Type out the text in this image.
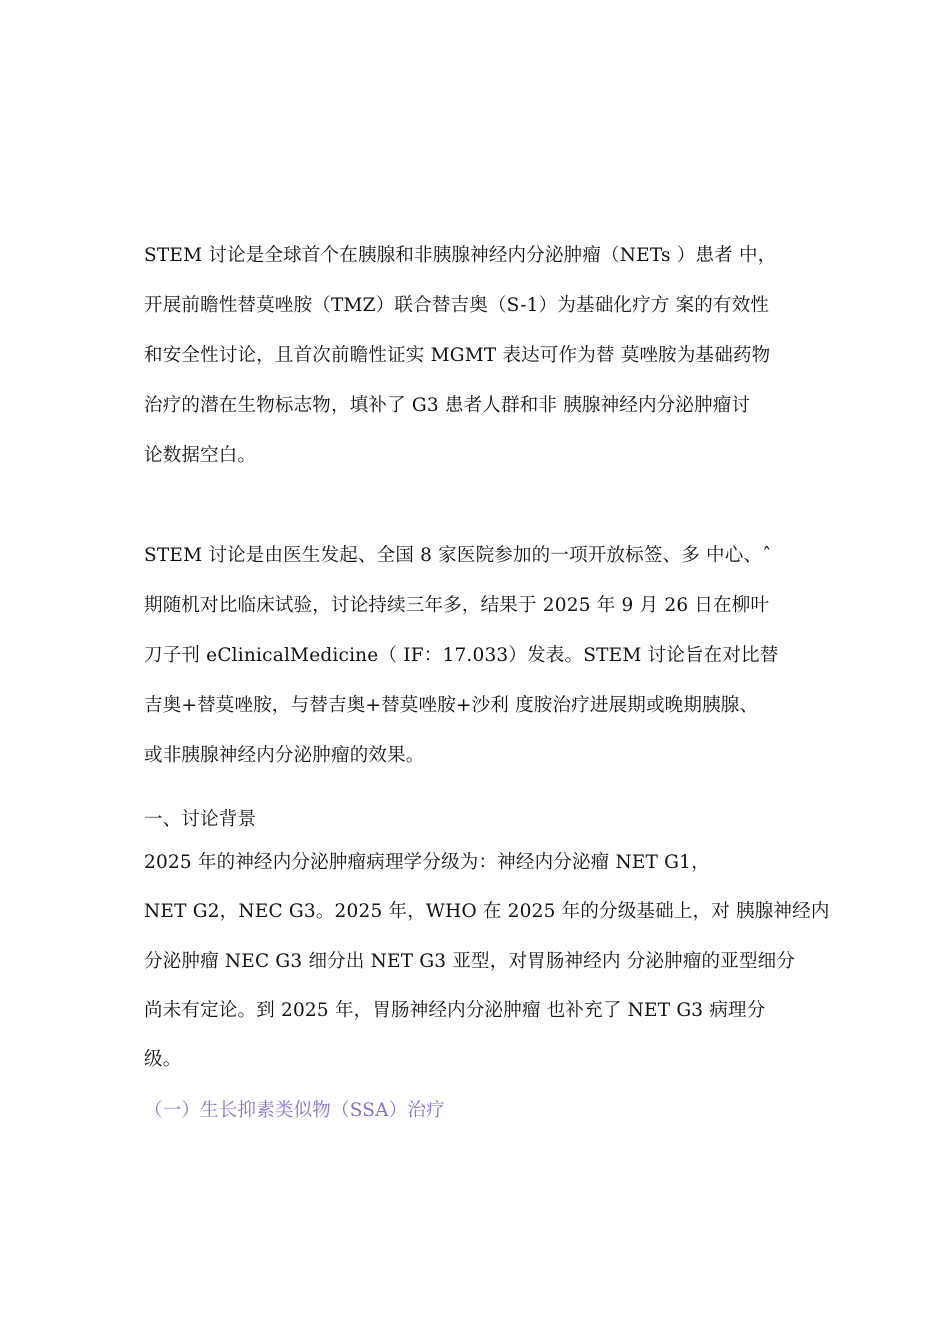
STEM 讨论是全球首个在胰腺和非胰腺神经内分泌肿瘤（NETs ）患者 中，
开展前瞻性替莫唑胺（TMZ）联合替吉奥（S-1）为基础化疗方 案的有效性
和安全性讨论，且首次前瞻性证实 MGMT 表达可作为替 莫唑胺为基础药物
治疗的潜在生物标志物，填补了 G3 患者人群和非 胰腺神经内分泌肿瘤讨
论数据空白。
STEM 讨论是由医生发起、全国 8 家医院参加的一项开放标签、多 中心、ˆ
期随机对比临床试验，讨论持续三年多，结果于 2025 年 9 月 26 日在柳叶
刀子刊 eClinicalMedicine（ IF：17.033）发表。STEM 讨论旨在对比替
吉奥+替莫唑胺，与替吉奥+替莫唑胺+沙利 度胺治疗进展期或晚期胰腺、
或非胰腺神经内分泌肿瘤的效果。
一、讨论背景
2025 年的神经内分泌肿瘤病理学分级为：神经内分泌瘤 NET G1，
NET G2，NEC G3。2025 年，WHO 在 2025 年的分级基础上，对 胰腺神经内
分泌肿瘤 NEC G3 细分出 NET G3 亚型，对胃肠神经内 分泌肿瘤的亚型细分
尚未有定论。到 2025 年，胃肠神经内分泌肿瘤 也补充了 NET G3 病理分
级。
（一）生长抑素类似物（SSA）治疗
